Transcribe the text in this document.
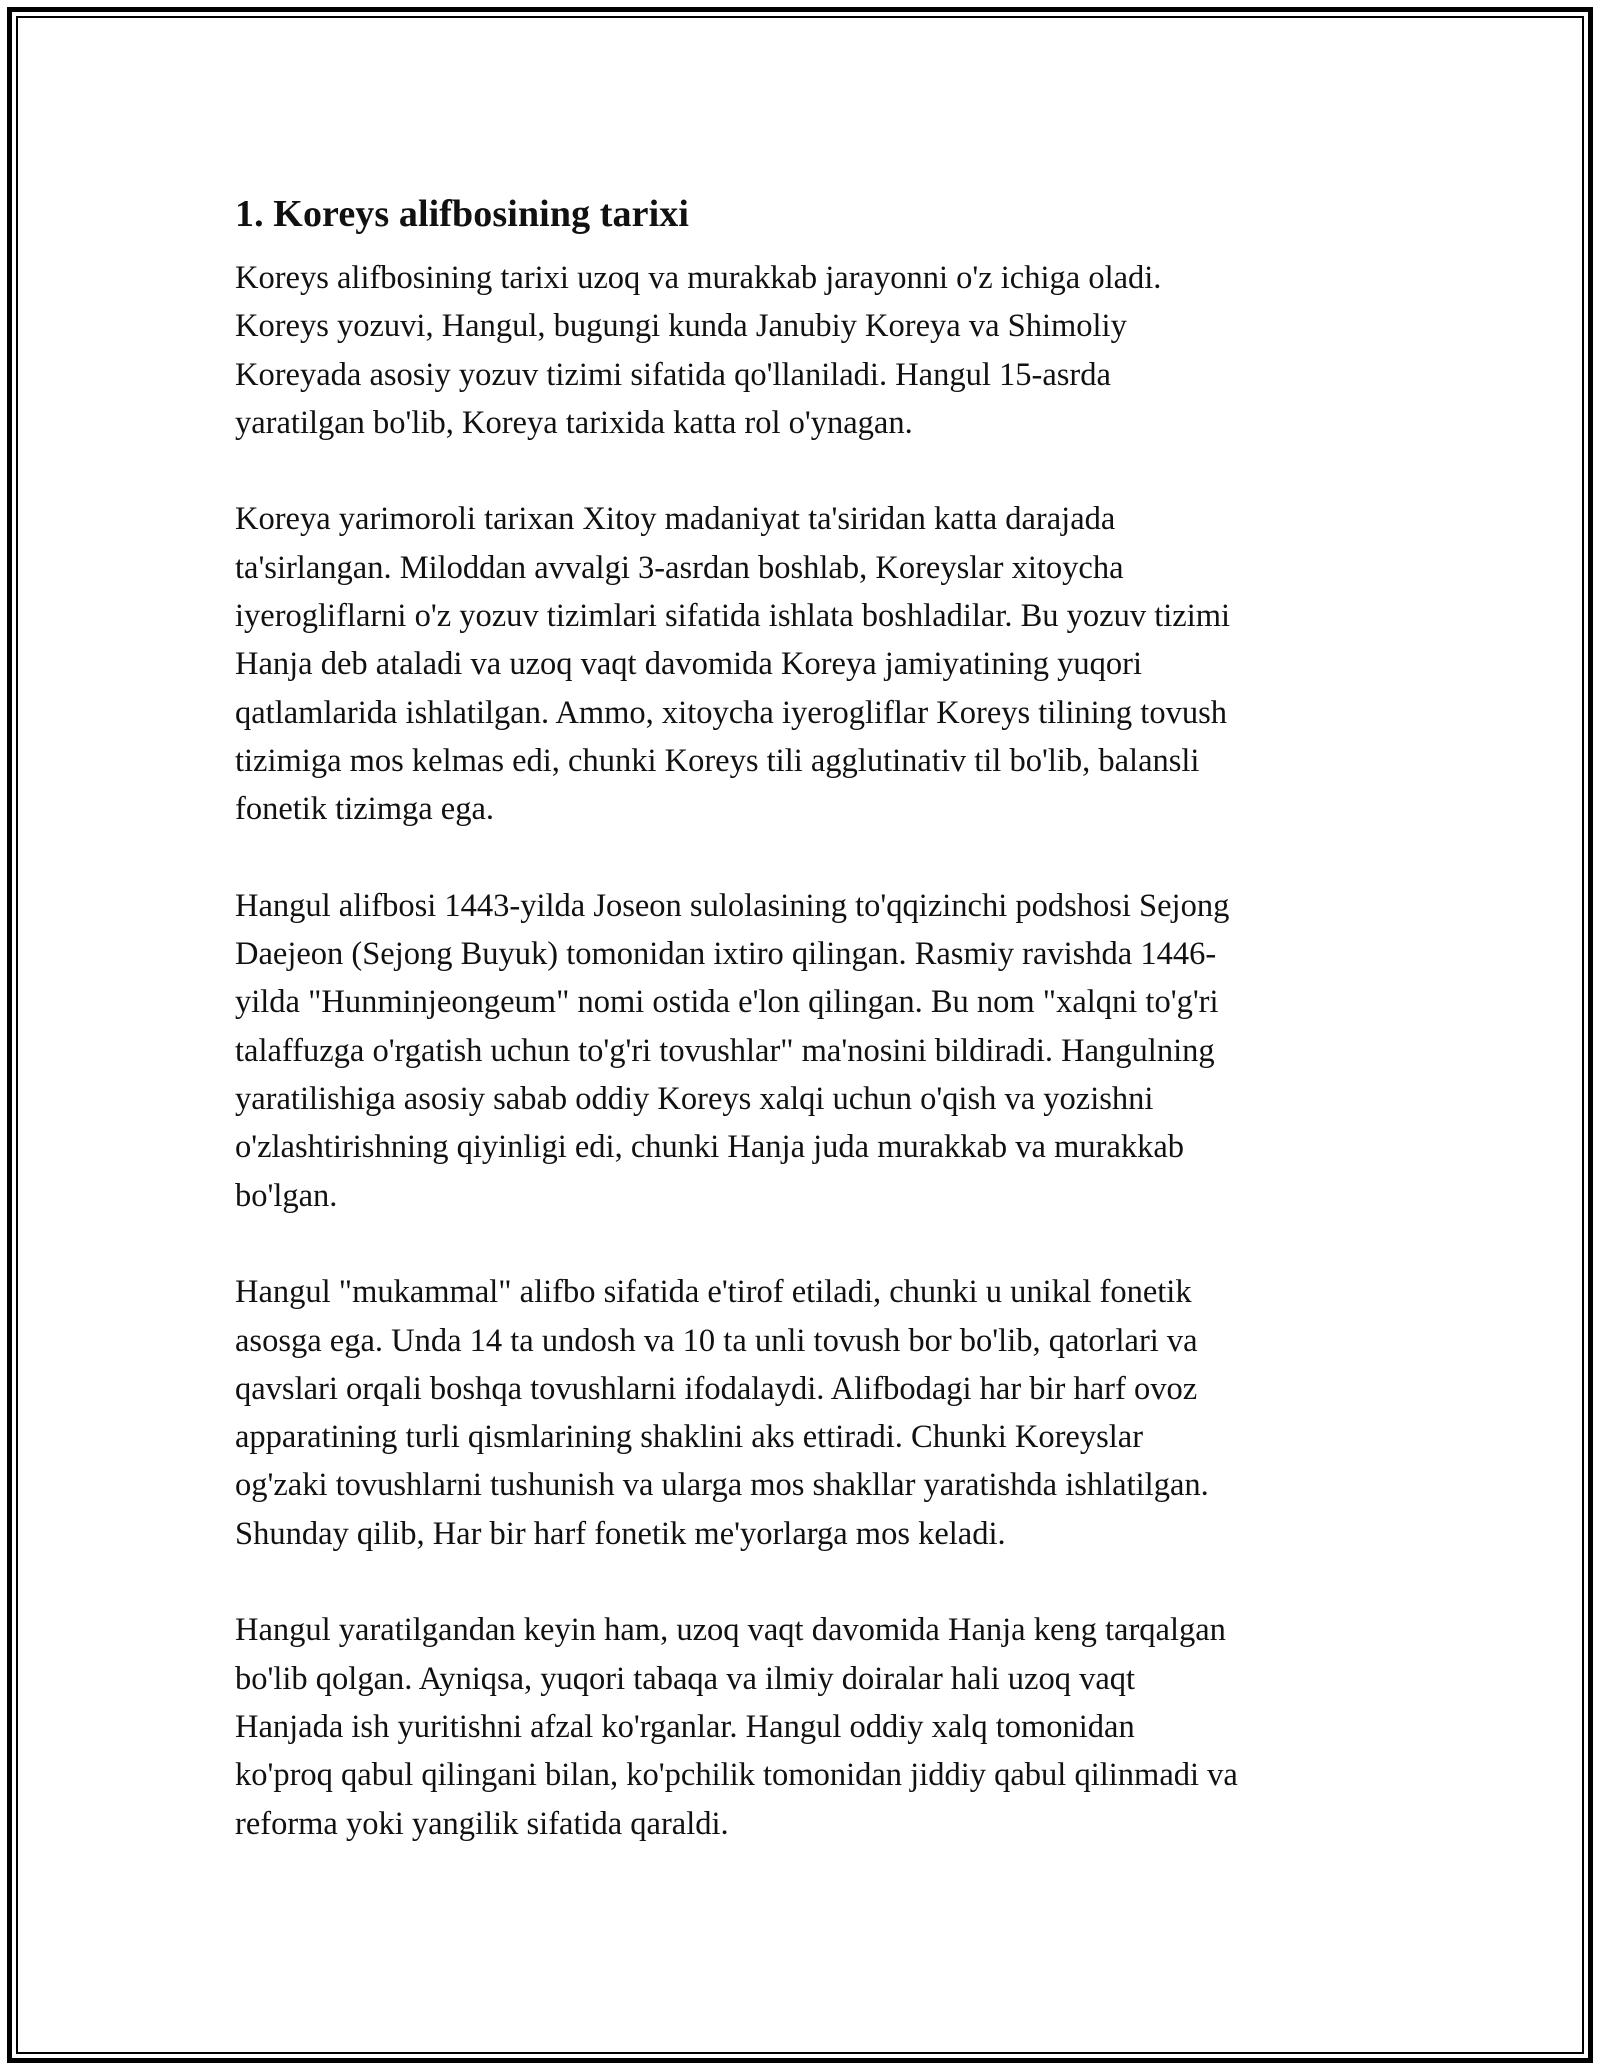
1. Koreys alifbosining tarixi

Koreys alifbosining tarixi uzoq va murakkab jarayonni o'z ichiga oladi.
Koreys yozuvi, Hangul, bugungi kunda Janubiy Koreya va Shimoliy
Koreyada asosiy yozuv tizimi sifatida qo'llaniladi. Hangul 15-asrda
yaratilgan bo'lib, Koreya tarixida katta rol o'ynagan.

Koreya yarimoroli tarixan Xitoy madaniyat ta'siridan katta darajada
ta'sirlangan. Miloddan avvalgi 3-asrdan boshlab, Koreyslar xitoycha
iyerogliflarni o'z yozuv tizimlari sifatida ishlata boshladilar. Bu yozuv tizimi
Hanja deb ataladi va uzoq vaqt davomida Koreya jamiyatining yuqori
qatlamlarida ishlatilgan. Ammo, xitoycha iyerogliflar Koreys tilining tovush
tizimiga mos kelmas edi, chunki Koreys tili agglutinativ til bo'lib, balansli
fonetik tizimga ega.

Hangul alifbosi 1443-yilda Joseon sulolasining to'qqizinchi podshosi Sejong
Daejeon (Sejong Buyuk) tomonidan ixtiro qilingan. Rasmiy ravishda 1446-
yilda "Hunminjeongeum" nomi ostida e'lon qilingan. Bu nom "xalqni to'g'ri
talaffuzga o'rgatish uchun to'g'ri tovushlar" ma'nosini bildiradi. Hangulning
yaratilishiga asosiy sabab oddiy Koreys xalqi uchun o'qish va yozishni
o'zlashtirishning qiyinligi edi, chunki Hanja juda murakkab va murakkab
bo'lgan.

Hangul "mukammal" alifbo sifatida e'tirof etiladi, chunki u unikal fonetik
asosga ega. Unda 14 ta undosh va 10 ta unli tovush bor bo'lib, qatorlari va
qavslari orqali boshqa tovushlarni ifodalaydi. Alifbodagi har bir harf ovoz
apparatining turli qismlarining shaklini aks ettiradi. Chunki Koreyslar
og'zaki tovushlarni tushunish va ularga mos shakllar yaratishda ishlatilgan.
Shunday qilib, Har bir harf fonetik me'yorlarga mos keladi.

Hangul yaratilgandan keyin ham, uzoq vaqt davomida Hanja keng tarqalgan
bo'lib qolgan. Ayniqsa, yuqori tabaqa va ilmiy doiralar hali uzoq vaqt
Hanjada ish yuritishni afzal ko'rganlar. Hangul oddiy xalq tomonidan
ko'proq qabul qilingani bilan, ko'pchilik tomonidan jiddiy qabul qilinmadi va
reforma yoki yangilik sifatida qaraldi.
